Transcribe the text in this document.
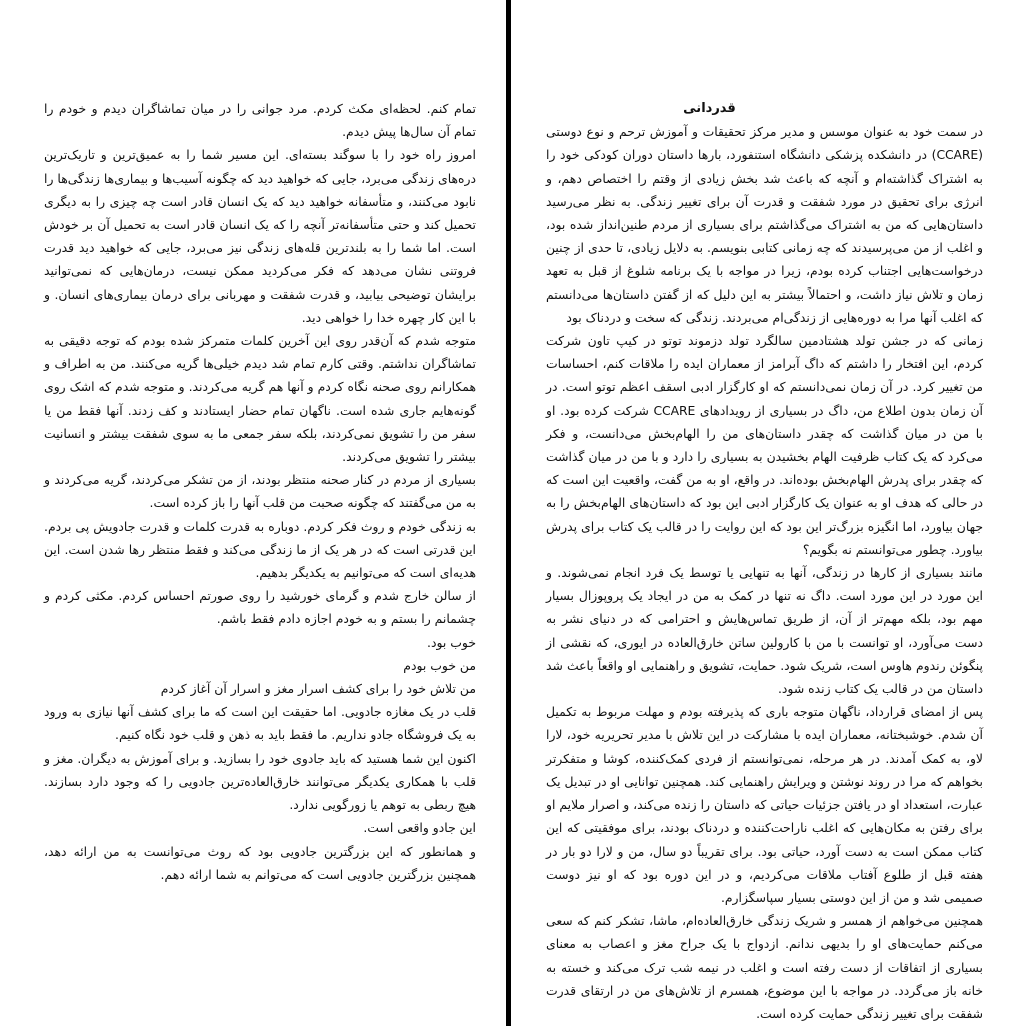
تمام کنم. لحظه‌ای مکث کردم. مرد جوانی را در میان تماشاگران دیدم و خودم را تمام آن سال‌ها پیش دیدم.

امروز راه خود را با سوگند بسته‌ای. این مسیر شما را به عمیق‌ترین و تاریک‌ترین دره‌های زندگی می‌برد، جایی که خواهید دید که چگونه آسیب‌ها و بیماری‌ها زندگی‌ها را نابود می‌کنند، و متأسفانه خواهید دید که یک انسان قادر است چه چیزی را به دیگری تحمیل کند و حتی متأسفانه‌تر آنچه را که یک انسان قادر است به تحمیل آن بر خودش است. اما شما را به بلندترین قله‌های زندگی نیز می‌برد، جایی که خواهید دید قدرت فروتنی نشان می‌دهد که فکر می‌کردید ممکن نیست، درمان‌هایی که نمی‌توانید برایشان توضیحی بیابید، و قدرت شفقت و مهربانی برای درمان بیماری‌های انسان. و با این کار چهره خدا را خواهی دید.

متوجه شدم که آن‌قدر روی این آخرین کلمات متمرکز شده بودم که توجه دقیقی به تماشاگران نداشتم. وقتی کارم تمام شد دیدم خیلی‌ها گریه می‌کنند. من به اطراف و همکارانم روی صحنه نگاه کردم و آنها هم گریه می‌کردند. و متوجه شدم که اشک روی گونه‌هایم جاری شده است. ناگهان تمام حضار ایستادند و کف زدند. آنها فقط من یا سفر من را تشویق نمی‌کردند، بلکه سفر جمعی ما به سوی شفقت بیشتر و انسانیت بیشتر را تشویق می‌کردند.

بسیاری از مردم در کنار صحنه منتظر بودند، از من تشکر می‌کردند، گریه می‌کردند و به من می‌گفتند که چگونه صحبت من قلب آنها را باز کرده است.

به زندگی خودم و روث فکر کردم. دوباره به قدرت کلمات و قدرت جادویش پی بردم. این قدرتی است که در هر یک از ما زندگی می‌کند و فقط منتظر رها شدن است. این هدیه‌ای است که می‌توانیم به یکدیگر بدهیم.

از سالن خارج شدم و گرمای خورشید را روی صورتم احساس کردم. مکثی کردم و چشمانم را بستم و به خودم اجازه دادم فقط باشم.

خوب بود.

من خوب بودم

من تلاش خود را برای کشف اسرار مغز و اسرار آن آغاز کردم

قلب در یک مغازه جادویی. اما حقیقت این است که ما برای کشف آنها نیازی به ورود به یک فروشگاه جادو نداریم. ما فقط باید به ذهن و قلب خود نگاه کنیم.

اکنون این شما هستید که باید جادوی خود را بسازید. و برای آموزش به دیگران. مغز و قلب با همکاری یکدیگر می‌توانند خارق‌العاده‌ترین جادویی را که وجود دارد بسازند. هیچ ربطی به توهم یا زورگویی ندارد.

این جادو واقعی است.

و همانطور که این بزرگترین جادویی بود که روث می‌توانست به من ارائه دهد، همچنین بزرگترین جادویی است که می‌توانم به شما ارائه دهم.

قدردانی

در سمت خود به عنوان موسس و مدیر مرکز تحقیقات و آموزش ترحم و نوع دوستی (CCARE) در دانشکده پزشکی دانشگاه استنفورد، بارها داستان دوران کودکی خود را به اشتراک گذاشته‌ام و آنچه که باعث شد بخش زیادی از وقتم را اختصاص دهم، و انرژی برای تحقیق در مورد شفقت و قدرت آن برای تغییر زندگی. به نظر می‌رسید داستان‌هایی که من به اشتراک می‌گذاشتم برای بسیاری از مردم طنین‌انداز شده بود، و اغلب از من می‌پرسیدند که چه زمانی کتابی بنویسم. به دلایل زیادی، تا حدی از چنین درخواست‌هایی اجتناب کرده بودم، زیرا در مواجه با یک برنامه شلوغ از قبل به تعهد زمان و تلاش نیاز داشت، و احتمالاً بیشتر به این دلیل که از گفتن داستان‌ها می‌دانستم که اغلب آنها مرا به دوره‌هایی از زندگی‌ام می‌بردند. زندگی که سخت و دردناک بود

زمانی که در جشن تولد هشتادمین سالگرد تولد دزموند توتو در کیپ تاون شرکت کردم، این افتخار را داشتم که داگ آبرامز از معماران ایده را ملاقات کنم، احساسات من تغییر کرد. در آن زمان نمی‌دانستم که او کارگزار ادبی اسقف اعظم توتو است. در آن زمان بدون اطلاع من، داگ در بسیاری از رویدادهای CCARE شرکت کرده بود. او با من در میان گذاشت که چقدر داستان‌های من را الهام‌بخش می‌دانست، و فکر می‌کرد که یک کتاب ظرفیت الهام بخشیدن به بسیاری را دارد و با من در میان گذاشت که چقدر برای پدرش الهام‌بخش بوده‌اند. در واقع، او به من گفت، واقعیت این است که در حالی که هدف او به عنوان یک کارگزار ادبی این بود که داستان‌های الهام‌بخش را به جهان بیاورد، اما انگیزه بزرگ‌تر این بود که این روایت را در قالب یک کتاب برای پدرش بیاورد. چطور می‌توانستم نه بگویم؟

مانند بسیاری از کارها در زندگی، آنها به تنهایی یا توسط یک فرد انجام نمی‌شوند. و این مورد در این مورد است. داگ نه تنها در کمک به من در ایجاد یک پروپوزال بسیار مهم بود، بلکه مهم‌تر از آن، از طریق تماس‌هایش و احترامی که در دنیای نشر به دست می‌آورد، او توانست با من با کارولین ساتن خارق‌العاده در ایوری، که نقشی از پنگوئن رندوم هاوس است، شریک شود. حمایت، تشویق و راهنمایی او واقعاً باعث شد داستان من در قالب یک کتاب زنده شود.

پس از امضای قرارداد، ناگهان متوجه باری که پذیرفته بودم و مهلت مربوط به تکمیل آن شدم. خوشبختانه، معماران ایده با مشارکت در این تلاش با مدیر تحریریه خود، لارا لاو، به کمک آمدند. در هر مرحله، نمی‌توانستم از فردی کمک‌کننده، کوشا و متفکرتر بخواهم که مرا در روند نوشتن و ویرایش راهنمایی کند. همچنین توانایی او در تبدیل یک عبارت، استعداد او در یافتن جزئیات حیاتی که داستان را زنده می‌کند، و اصرار ملایم او برای رفتن به مکان‌هایی که اغلب ناراحت‌کننده و دردناک بودند، برای موفقیتی که این کتاب ممکن است به دست آورد، حیاتی بود. برای تقریباً دو سال، من و لارا دو بار در هفته قبل از طلوع آفتاب ملاقات می‌کردیم، و در این دوره بود که او نیز دوست صمیمی شد و من از این دوستی بسیار سپاسگزارم.

همچنین می‌خواهم از همسر و شریک زندگی خارق‌العاده‌ام، ماشا، تشکر کنم که سعی می‌کنم حمایت‌های او را بدیهی ندانم. ازدواج با یک جراح مغز و اعصاب به معنای بسیاری از اتفاقات از دست رفته است و اغلب در نیمه شب ترک می‌کند و خسته به خانه باز می‌گردد. در مواجه با این موضوع، همسرم از تلاش‌های من در ارتقای قدرت شفقت برای تغییر زندگی حمایت کرده است.
